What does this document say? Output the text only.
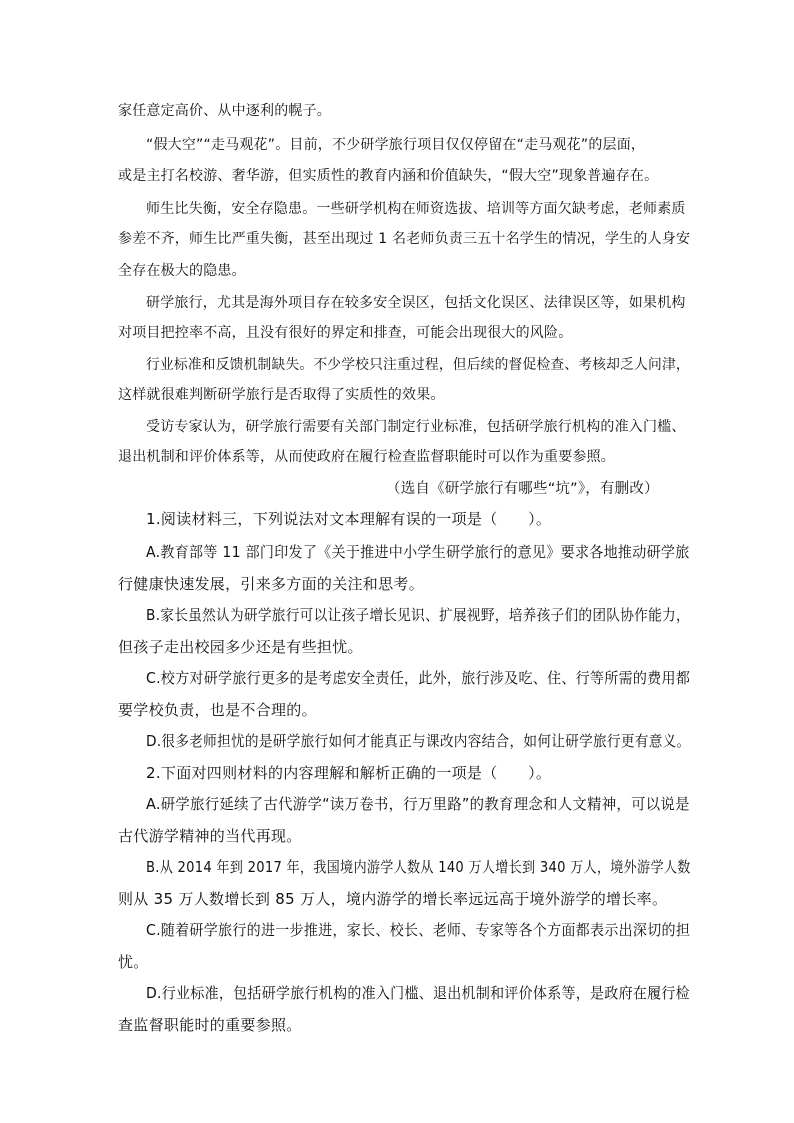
家任意定高价、从中逐利的幌子。
“假大空”“走马观花”。目前，不少研学旅行项目仅仅停留在“走马观花”的层面，
或是主打名校游、奢华游，但实质性的教育内涵和价值缺失，“假大空”现象普遍存在。
师生比失衡，安全存隐患。一些研学机构在师资选拔、培训等方面欠缺考虑，老师素质
参差不齐，师生比严重失衡，甚至出现过 1 名老师负责三五十名学生的情况，学生的人身安
全存在极大的隐患。
研学旅行，尤其是海外项目存在较多安全误区，包括文化误区、法律误区等，如果机构
对项目把控率不高，且没有很好的界定和排查，可能会出现很大的风险。
行业标准和反馈机制缺失。不少学校只注重过程，但后续的督促检查、考核却乏人问津，
这样就很难判断研学旅行是否取得了实质性的效果。
受访专家认为，研学旅行需要有关部门制定行业标准，包括研学旅行机构的准入门槛、
退出机制和评价体系等，从而使政府在履行检查监督职能时可以作为重要参照。
（选自《研学旅行有哪些“坑”》，有删改）
1.阅读材料三，下列说法对文本理解有误的一项是（　　）。
A.教育部等 11 部门印发了《关于推进中小学生研学旅行的意见》要求各地推动研学旅
行健康快速发展，引来多方面的关注和思考。
B.家长虽然认为研学旅行可以让孩子增长见识、扩展视野，培养孩子们的团队协作能力，
但孩子走出校园多少还是有些担忧。
C.校方对研学旅行更多的是考虑安全责任，此外，旅行涉及吃、住、行等所需的费用都
要学校负责，也是不合理的。
D.很多老师担忧的是研学旅行如何才能真正与课改内容结合，如何让研学旅行更有意义。
2.下面对四则材料的内容理解和解析正确的一项是（　　）。
A.研学旅行延续了古代游学“读万卷书，行万里路”的教育理念和人文精神，可以说是
古代游学精神的当代再现。
B.从 2014 年到 2017 年，我国境内游学人数从 140 万人增长到 340 万人，境外游学人数
则从 35 万人数增长到 85 万人，境内游学的增长率远远高于境外游学的增长率。
C.随着研学旅行的进一步推进，家长、校长、老师、专家等各个方面都表示出深切的担
忧。
D.行业标准，包括研学旅行机构的准入门槛、退出机制和评价体系等，是政府在履行检
查监督职能时的重要参照。
